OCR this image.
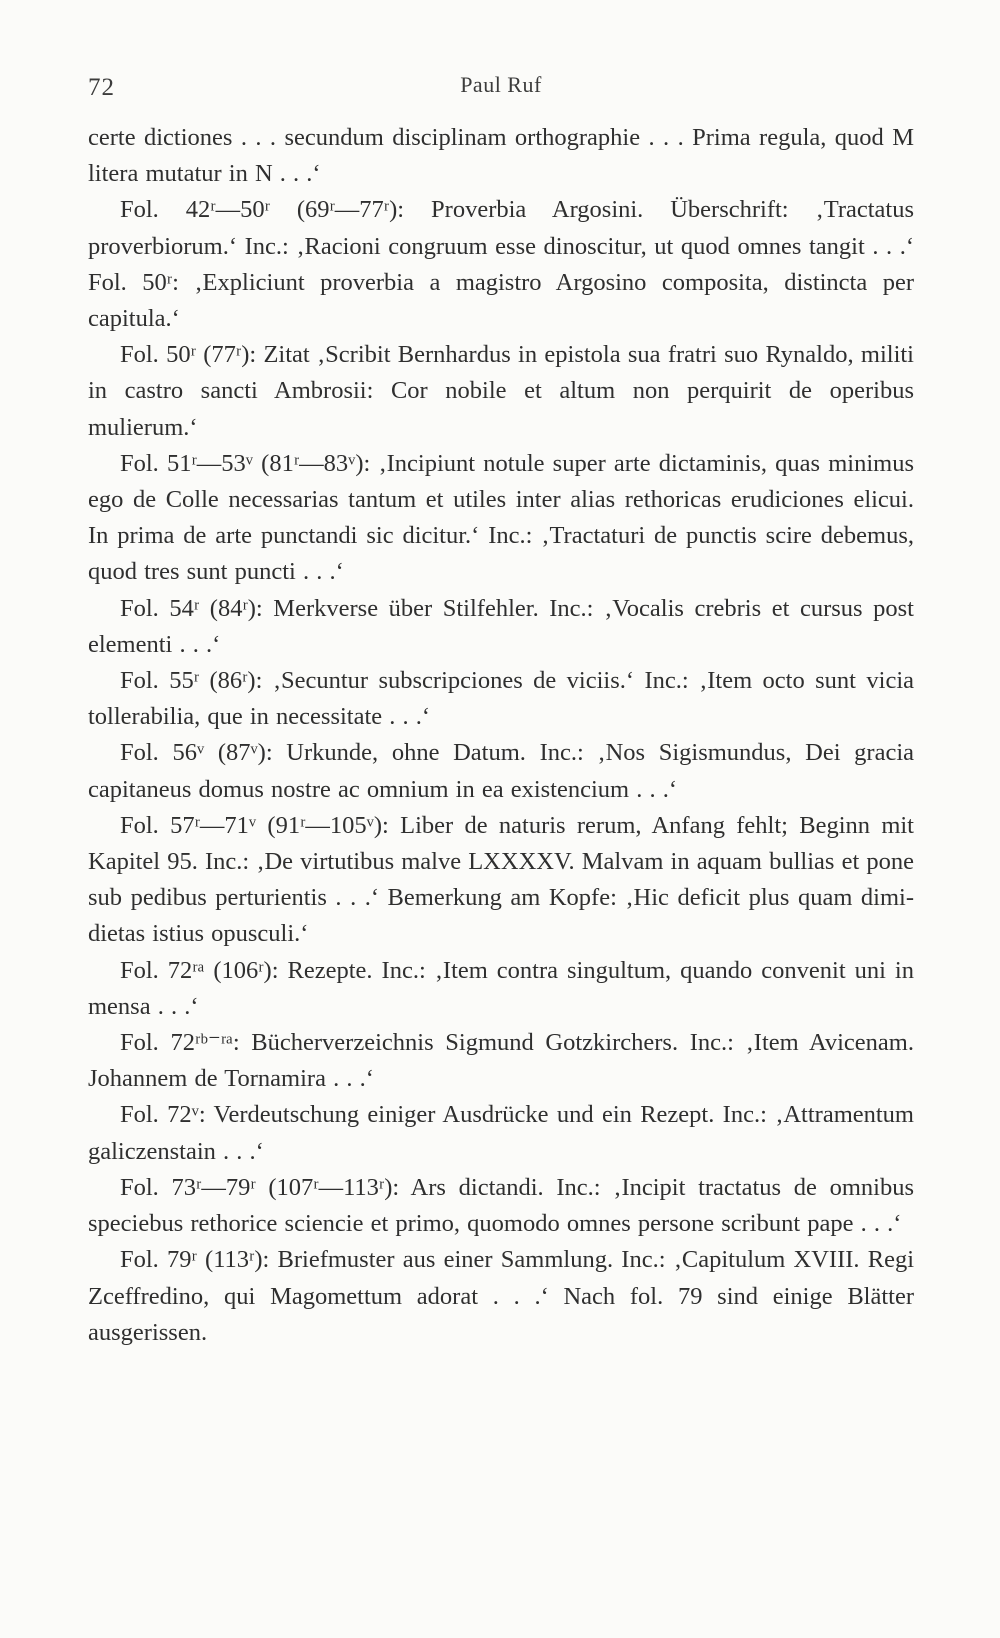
72	Paul Ruf

certe dictiones . . . secundum disciplinam orthographie . . . Prima regula, quod M litera mutatur in N . . .‘

Fol. 42ʳ—50ʳ (69ʳ—77ʳ): Proverbia Argosini. Überschrift: ‚Tractatus proverbiorum.‘ Inc.: ‚Racioni congruum esse dinoscitur, ut quod omnes tangit . . .‘ Fol. 50ʳ: ‚Expliciunt proverbia a magistro Argosino composita, distincta per capitula.‘

Fol. 50ʳ (77ʳ): Zitat ‚Scribit Bernhardus in epistola sua fratri suo Rynaldo, militi in castro sancti Ambrosii: Cor nobile et altum non perquirit de operibus mulierum.‘

Fol. 51ʳ—53ᵛ (81ʳ—83ᵛ): ‚Incipiunt notule super arte dictaminis, quas minimus ego de Colle necessarias tantum et utiles inter alias rethoricas erudiciones elicui. In prima de arte punctandi sic dicitur.‘ Inc.: ‚Tractaturi de punctis scire debemus, quod tres sunt puncti . . .‘

Fol. 54ʳ (84ʳ): Merkverse über Stilfehler. Inc.: ‚Vocalis crebris et cursus post elementi . . .‘

Fol. 55ʳ (86ʳ): ‚Secuntur subscripciones de viciis.‘ Inc.: ‚Item octo sunt vicia tollerabilia, que in necessitate . . .‘

Fol. 56ᵛ (87ᵛ): Urkunde, ohne Datum. Inc.: ‚Nos Sigismundus, Dei gracia capitaneus domus nostre ac omnium in ea existencium . . .‘

Fol. 57ʳ—71ᵛ (91ʳ—105ᵛ): Liber de naturis rerum, Anfang fehlt; Beginn mit Kapitel 95. Inc.: ‚De virtutibus malve LXXXXV. Malvam in aquam bullias et pone sub pedibus perturientis . . .‘ Bemerkung am Kopfe: ‚Hic deficit plus quam dimidietas istius opusculi.‘

Fol. 72ʳᵃ (106ʳ): Rezepte. Inc.: ‚Item contra singultum, quando convenit uni in mensa . . .‘

Fol. 72ʳᵇ⁻ʳᵃ: Bücherverzeichnis Sigmund Gotzkirchers. Inc.: ‚Item Avicenam. Johannem de Tornamira . . .‘

Fol. 72ᵛ: Verdeutschung einiger Ausdrücke und ein Rezept. Inc.: ‚Attramentum galiczenstain . . .‘

Fol. 73ʳ—79ʳ (107ʳ—113ʳ): Ars dictandi. Inc.: ‚Incipit tractatus de omnibus speciebus rethorice sciencie et primo, quomodo omnes persone scribunt pape . . .‘

Fol. 79ʳ (113ʳ): Briefmuster aus einer Sammlung. Inc.: ‚Capitulum XVIII. Regi Zceffredino, qui Magomettum adorat . . .‘ Nach fol. 79 sind einige Blätter ausgerissen.
